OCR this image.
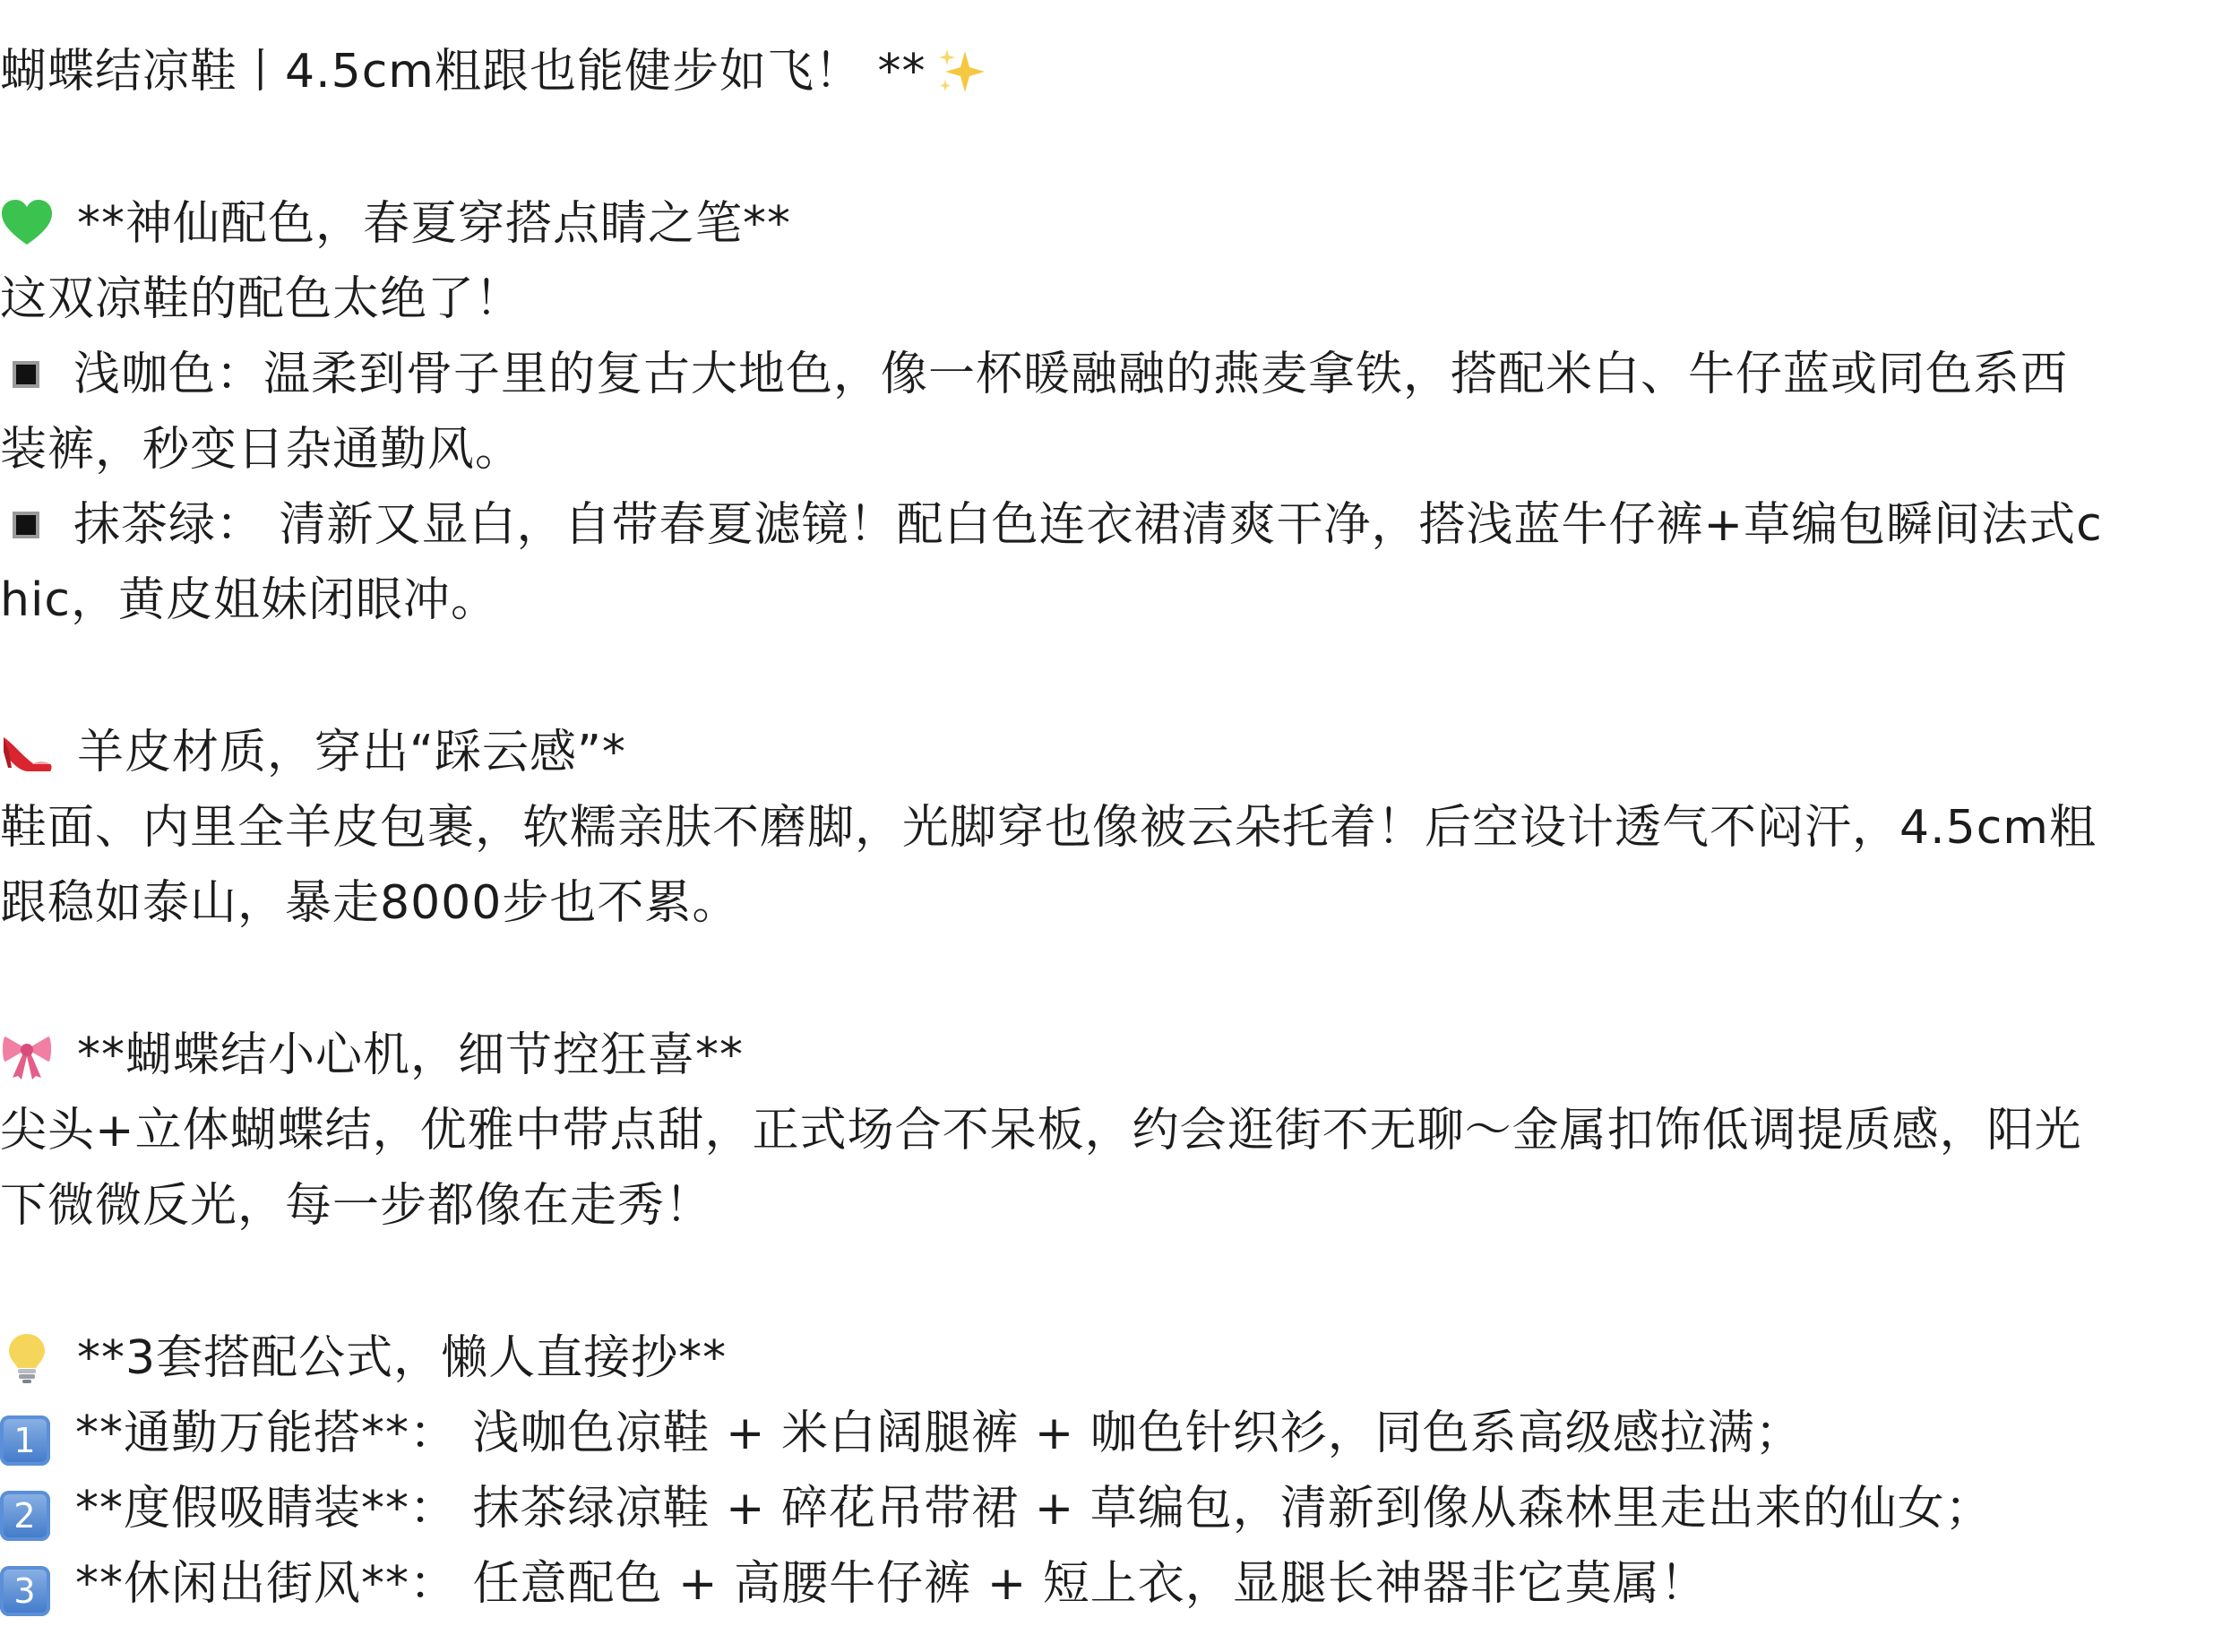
蝴蝶结凉鞋丨4.5cm粗跟也能健步如飞！ **
**神仙配色，春夏穿搭点睛之笔**
这双凉鞋的配色太绝了！
浅咖色：温柔到骨子里的复古大地色，像一杯暖融融的燕麦拿铁，搭配米白、牛仔蓝或同色系西
装裤，秒变日杂通勤风。
抹茶绿： 清新又显白，自带春夏滤镜！配白色连衣裙清爽干净，搭浅蓝牛仔裤+草编包瞬间法式c
hic，黄皮姐妹闭眼冲。
羊皮材质，穿出“踩云感”*
鞋面、内里全羊皮包裹，软糯亲肤不磨脚，光脚穿也像被云朵托着！后空设计透气不闷汗，4.5cm粗
跟稳如泰山，暴走8000步也不累。
**蝴蝶结小心机，细节控狂喜**
尖头+立体蝴蝶结，优雅中带点甜，正式场合不呆板，约会逛街不无聊～金属扣饰低调提质感，阳光
下微微反光，每一步都像在走秀！
**3套搭配公式，懒人直接抄**
1 **通勤万能搭**： 浅咖色凉鞋 + 米白阔腿裤 + 咖色针织衫，同色系高级感拉满；
2 **度假吸睛装**： 抹茶绿凉鞋 + 碎花吊带裙 + 草编包，清新到像从森林里走出来的仙女；
3 **休闲出街风**： 任意配色 + 高腰牛仔裤 + 短上衣，显腿长神器非它莫属！
